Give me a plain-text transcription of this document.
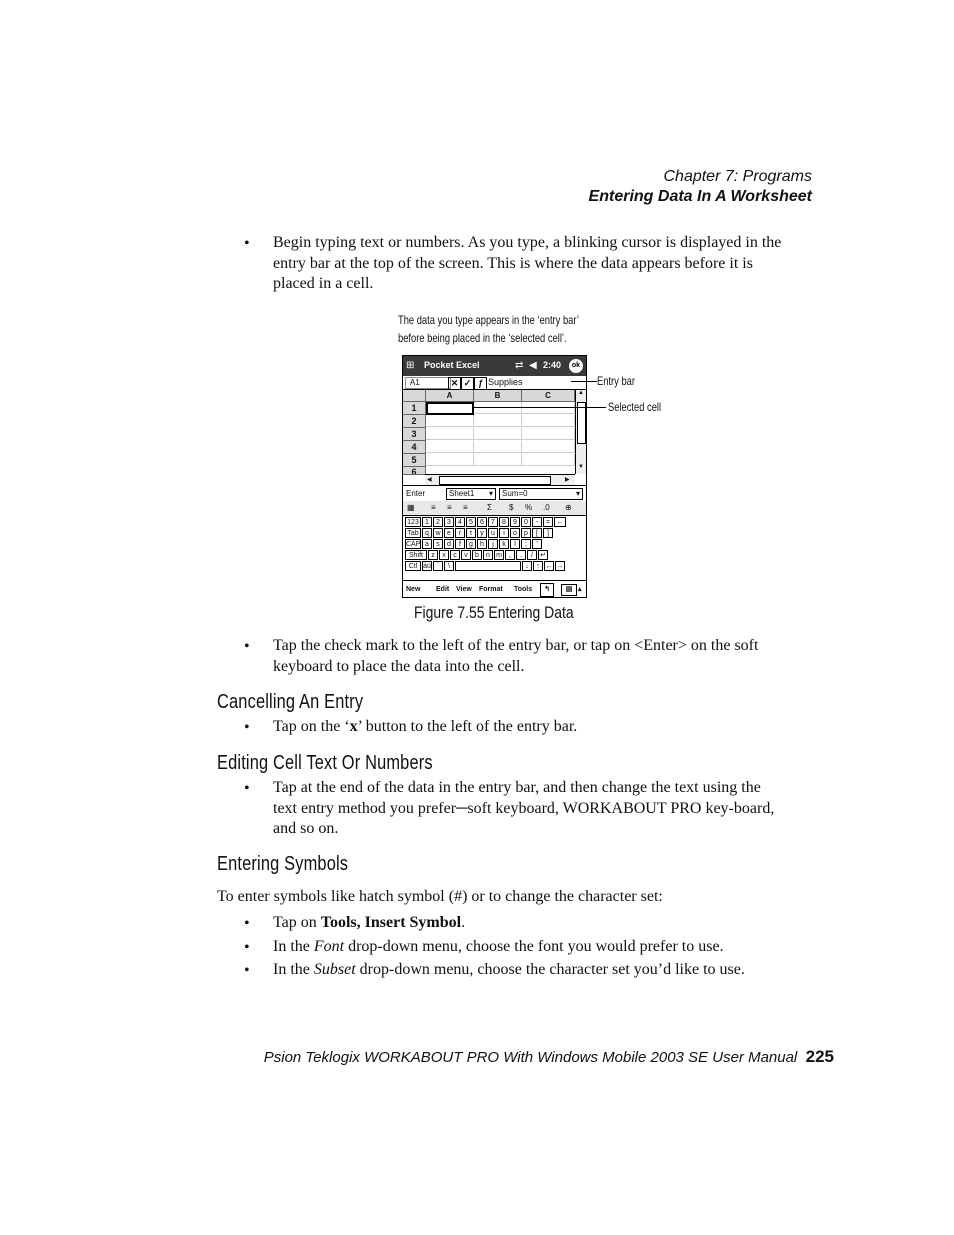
Chapter 7: Programs
Entering Data In A Worksheet
• Begin typing text or numbers. As you type, a blinking cursor is displayed in the entry bar at the top of the screen. This is where the data appears before it is placed in a cell.
The data you type appears in the ‘entry bar’
before being placed in the ‘selected cell’.
⊞ Pocket Excel	⇄ ◀ 2:40	ok
A1	✕ ✓ ƒ Supplies
A	B	C
1
2
3
4
5
6
▲
▼
◀	▶
Enter	Sheet1 ▾	Sum=0	▾
▦ ≡ ≡ ≡ Σ $ % .0 ⊕
123 1	2	3	4	5	6	7	8	9	0	-	= ←
Tab q w e	r	t	y	u	i	o	p	[	]
CAP a	s	d	f	g	h	j	k	l	;	'
Shift	z	x	c	v	b	n m	,	.	/	↵
Ctl áü `	\	↓	↑ ← →
New Edit View Format Tools	↰	▤ ▴
Entry bar
Selected cell
Figure 7.55 Entering Data
• Tap the check mark to the left of the entry bar, or tap on <Enter> on the soft keyboard to place the data into the cell.
Cancelling An Entry
• Tap on the ‘x’ button to the left of the entry bar.
Editing Cell Text Or Numbers
• Tap at the end of the data in the entry bar, and then change the text using the text entry method you prefer─soft keyboard, WORKABOUT PRO key-board, and so on.
Entering Symbols
To enter symbols like hatch symbol (#) or to change the character set:
• Tap on Tools, Insert Symbol.
• In the Font drop-down menu, choose the font you would prefer to use.
• In the Subset drop-down menu, choose the character set you’d like to use.
Psion Teklogix WORKABOUT PRO With Windows Mobile 2003 SE User Manual 225
